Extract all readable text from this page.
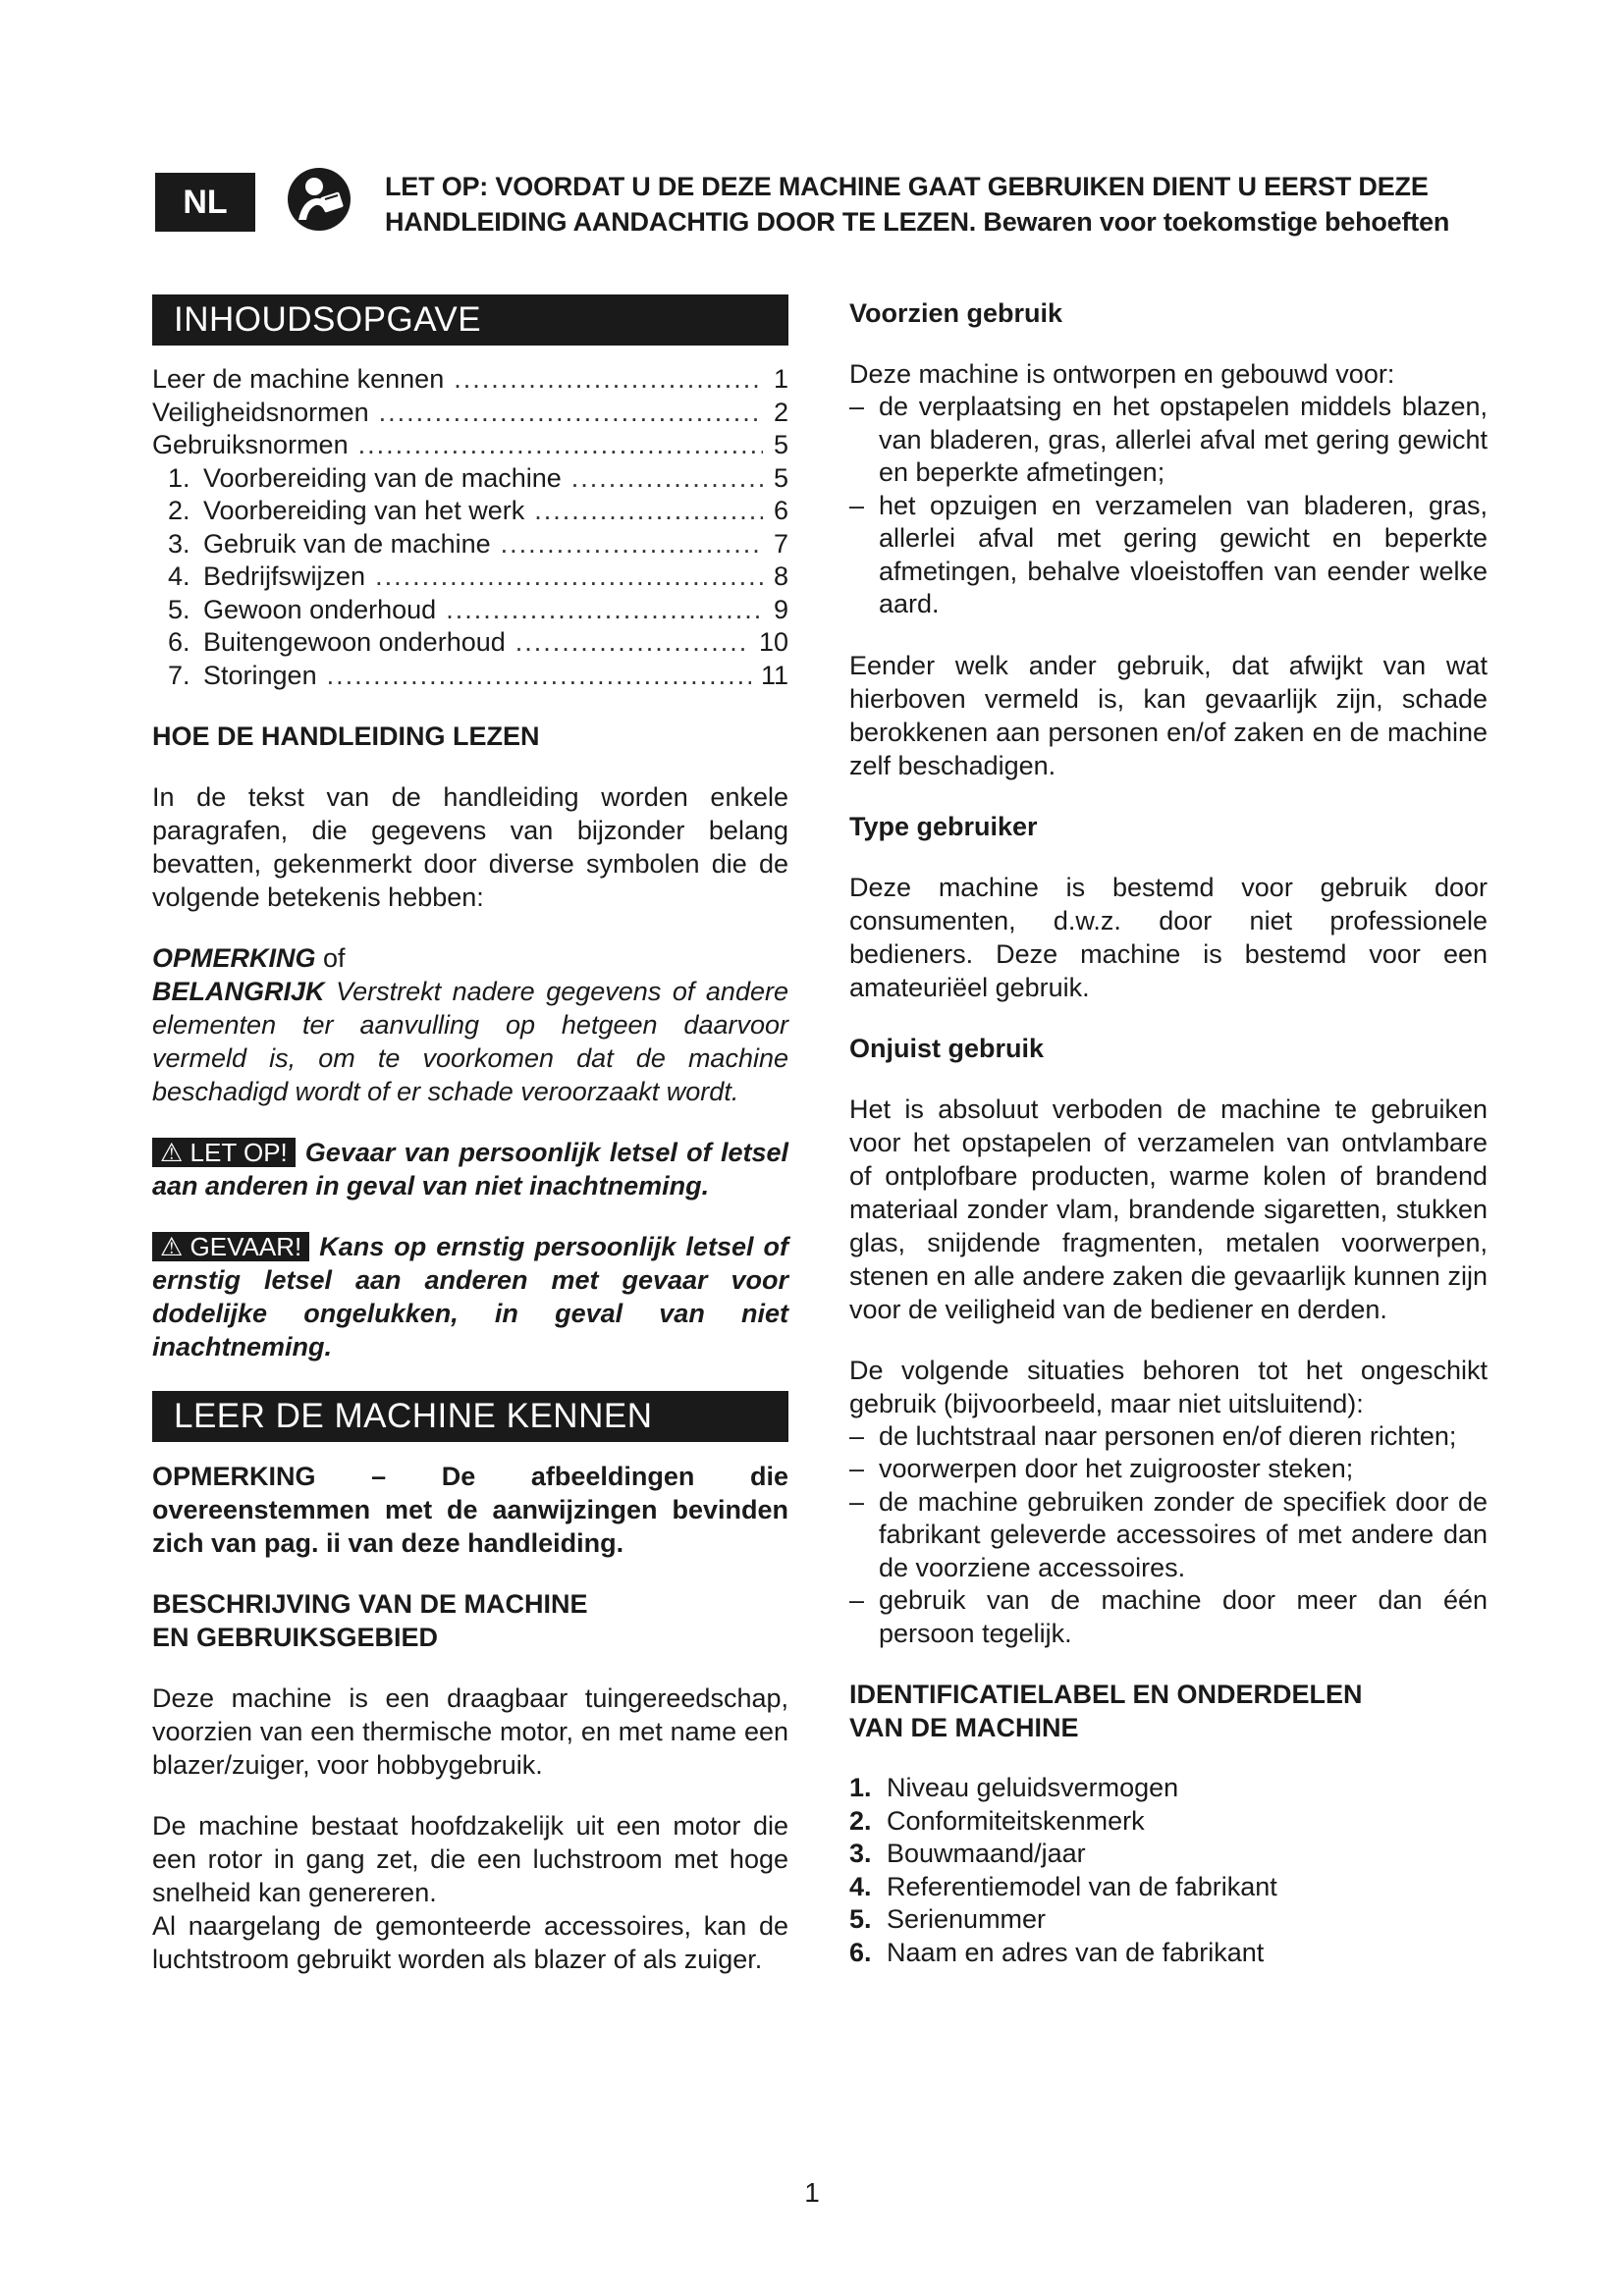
NL	LET OP: VOORDAT U DE DEZE MACHINE GAAT GEBRUIKEN DIENT U EERST DEZE
HANDLEIDING AANDACHTIG DOOR TE LEZEN. Bewaren voor toekomstige behoeften
INHOUDSOPGAVE
Leer de machine kennen .....	1
Veiligheidsnormen .....	2
Gebruiksnormen .....	5
1. Voorbereiding van de machine .....	5
2. Voorbereiding van het werk .....	6
3. Gebruik van de machine .....	7
4. Bedrijfswijzen .....	8
5. Gewoon onderhoud .....	9
6. Buitengewoon onderhoud .....	10
7. Storingen .....	11
HOE DE HANDLEIDING LEZEN

In de tekst van de handleiding worden enkele paragrafen, die gegevens van bijzonder belang bevatten, gekenmerkt door diverse symbolen die de volgende betekenis hebben:

OPMERKING of
BELANGRIJK Verstrekt nadere gegevens of andere elementen ter aanvulling op hetgeen daarvoor vermeld is, om te voorkomen dat de machine beschadigd wordt of er schade veroorzaakt wordt.

⚠ LET OP! Gevaar van persoonlijk letsel of letsel aan anderen in geval van niet inachtneming.

⚠ GEVAAR! Kans op ernstig persoonlijk letsel of ernstig letsel aan anderen met gevaar voor dodelijke ongelukken, in geval van niet inachtneming.

LEER DE MACHINE KENNEN

OPMERKING – De afbeeldingen die overeenstemmen met de aanwijzingen bevinden zich van pag. ii van deze handleiding.

BESCHRIJVING VAN DE MACHINE
EN GEBRUIKSGEBIED

Deze machine is een draagbaar tuingereedschap, voorzien van een thermische motor, en met name een blazer/zuiger, voor hobbygebruik.

De machine bestaat hoofdzakelijk uit een motor die een rotor in gang zet, die een luchstroom met hoge snelheid kan genereren.

Al naargelang de gemonteerde accessoires, kan de luchtstroom gebruikt worden als blazer of als zuiger.

Voorzien gebruik

Deze machine is ontworpen en gebouwd voor:

– de verplaatsing en het opstapelen middels blazen, van bladeren, gras, allerlei afval met gering gewicht en beperkte afmetingen;
– het opzuigen en verzamelen van bladeren, gras, allerlei afval met gering gewicht en beperkte afmetingen, behalve vloeistoffen van eender welke aard.

Eender welk ander gebruik, dat afwijkt van wat hierboven vermeld is, kan gevaarlijk zijn, schade berokkenen aan personen en/of zaken en de machine zelf beschadigen.

Type gebruiker

Deze machine is bestemd voor gebruik door consumenten, d.w.z. door niet professionele bedieners. Deze machine is bestemd voor een amateuriëel gebruik.

Onjuist gebruik

Het is absoluut verboden de machine te gebruiken voor het opstapelen of verzamelen van ontvlambare of ontplofbare producten, warme kolen of brandend materiaal zonder vlam, brandende sigaretten, stukken glas, snijdende fragmenten, metalen voorwerpen, stenen en alle andere zaken die gevaarlijk kunnen zijn voor de veiligheid van de bediener en derden.

De volgende situaties behoren tot het ongeschikt gebruik (bijvoorbeeld, maar niet uitsluitend):

– de luchtstraal naar personen en/of dieren richten;
– voorwerpen door het zuigrooster steken;
– de machine gebruiken zonder de specifiek door de fabrikant geleverde accessoires of met andere dan de voorziene accessoires.
– gebruik van de machine door meer dan één persoon tegelijk.
IDENTIFICATIELABEL EN ONDERDELEN
VAN DE MACHINE
1. Niveau geluidsvermogen
2. Conformiteitskenmerk
3. Bouwmaand/jaar
4. Referentiemodel van de fabrikant
5. Serienummer
6. Naam en adres van de fabrikant
1
